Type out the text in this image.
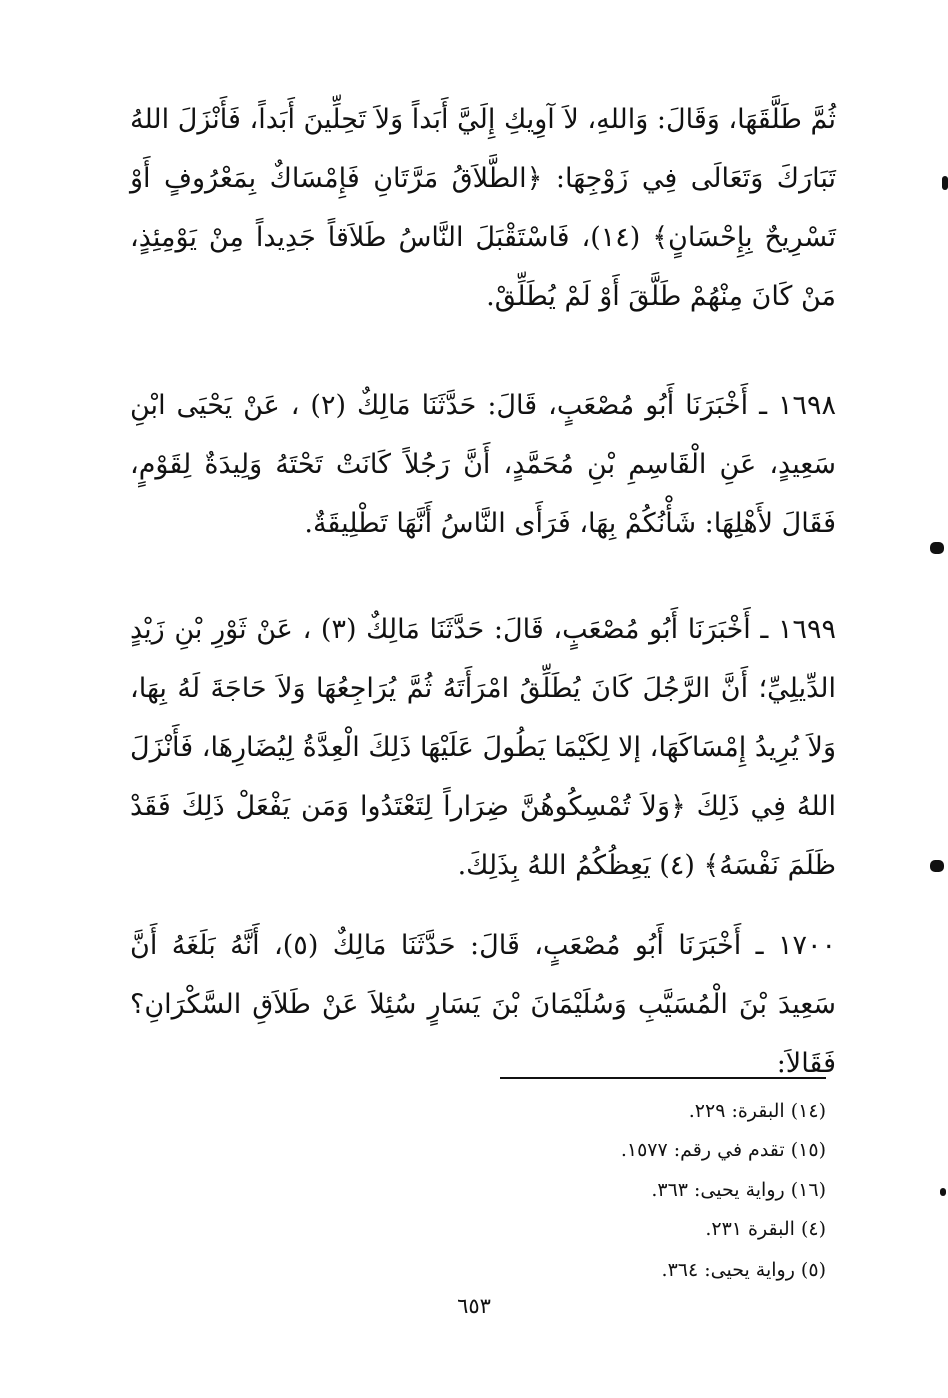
ثُمَّ طَلَّقَهَا، وَقَالَ: وَاللهِ، لاَ آوِيكِ إِلَيَّ أَبَداً وَلاَ تَحِلِّينَ أَبَداً، فَأَنْزَلَ اللهُ تَبَارَكَ وَتَعَالَى فِي زَوْجِهَا: ﴿الطَّلاَقُ مَرَّتَانِ فَإِمْسَاكٌ بِمَعْرُوفٍ أَوْ تَسْرِيحٌ بِإِحْسَانٍ﴾ (١٤)، فَاسْتَقْبَلَ النَّاسُ طَلاَقاً جَدِيداً مِنْ يَوْمِئِذٍ، مَنْ كَانَ مِنْهُمْ طَلَّقَ أَوْ لَمْ يُطَلِّقْ.

١٦٩٨ ـ أَخْبَرَنَا أَبُو مُصْعَبٍ، قَالَ: حَدَّثَنَا مَالِكٌ (٢) ، عَنْ يَحْيَى ابْنِ سَعِيدٍ، عَنِ الْقَاسِمِ بْنِ مُحَمَّدٍ، أَنَّ رَجُلاً كَانَتْ تَحْتَهُ وَلِيدَةٌ لِقَوْمٍ، فَقَالَ لأَهْلِهَا: شَأْنُكُمْ بِهَا، فَرَأَى النَّاسُ أَنَّهَا تَطْلِيقَةٌ.

١٦٩٩ ـ أَخْبَرَنَا أَبُو مُصْعَبٍ، قَالَ: حَدَّثَنَا مَالِكٌ (٣) ، عَنْ ثَوْرِ بْنِ زَيْدٍ الدِّيلِيِّ؛ أَنَّ الرَّجُلَ كَانَ يُطَلِّقُ امْرَأَتَهُ ثُمَّ يُرَاجِعُهَا وَلاَ حَاجَةَ لَهُ بِهَا، وَلاَ يُرِيدُ إِمْسَاكَهَا، إلا لِكَيْمَا يَطُولَ عَلَيْهَا ذَلِكَ الْعِدَّةُ لِيُضَارِهَا، فَأَنْزَلَ اللهُ فِي ذَلِكَ ﴿وَلاَ تُمْسِكُوهُنَّ ضِرَاراً لِتَعْتَدُوا وَمَن يَفْعَلْ ذَلِكَ فَقَدْ ظَلَمَ نَفْسَهُ﴾ (٤) يَعِظُكُمُ اللهُ بِذَلِكَ.

١٧٠٠ ـ أَخْبَرَنَا أَبُو مُصْعَبٍ، قَالَ: حَدَّثَنَا مَالِكٌ (٥)، أَنَّهُ بَلَغَهُ أَنَّ سَعِيدَ بْنَ الْمُسَيَّبِ وَسُلَيْمَانَ بْنَ يَسَارٍ سُئِلاَ عَنْ طَلاَقِ السَّكْرَانِ؟ فَقَالاَ:

(١٤) البقرة: ٢٢٩.
(١٥) تقدم في رقم: ١٥٧٧.
(١٦) رواية يحيى: ٣٦٣.
(٤) البقرة ٢٣١.
(٥) رواية يحيى: ٣٦٤.
٦٥٣
